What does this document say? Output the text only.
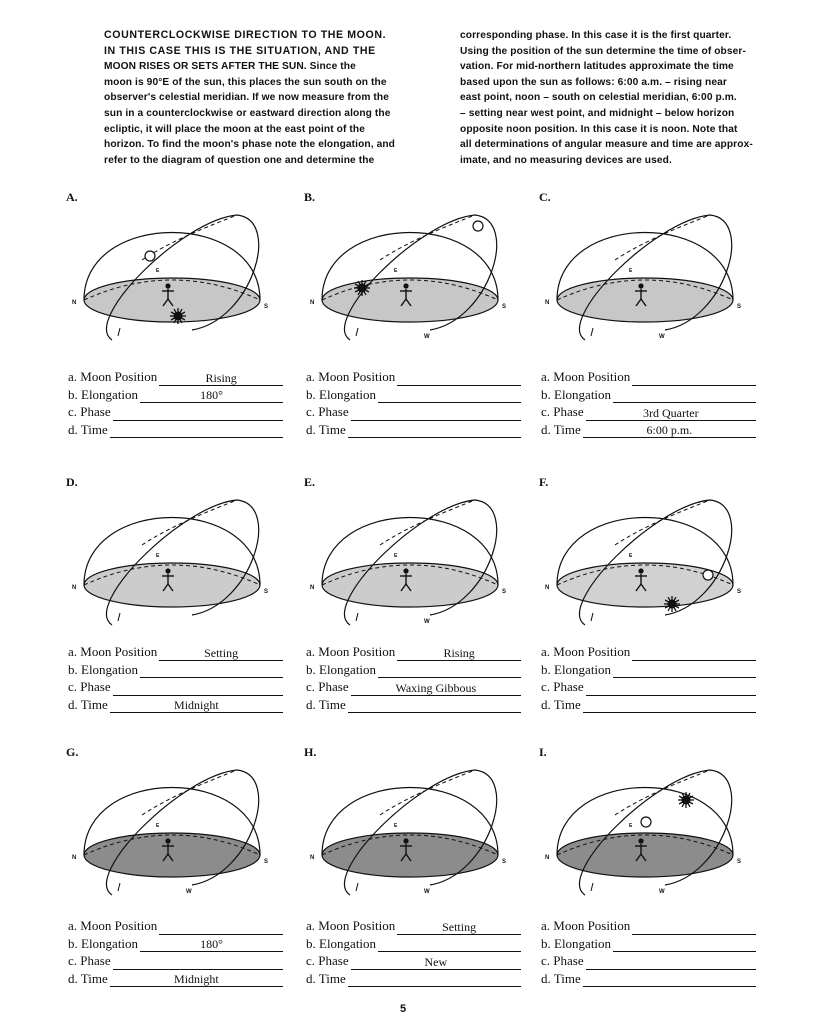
COUNTERCLOCKWISE DIRECTION TO THE MOON.

IN THIS CASE THIS IS THE SITUATION, AND THE

MOON RISES OR SETS AFTER THE SUN. Since the

moon is 90°E of the sun, this places the sun south on the

observer's celestial meridian. If we now measure from the

sun in a counterclockwise or eastward direction along the

ecliptic, it will place the moon at the east point of the

horizon. To find the moon's phase note the elongation, and

refer to the diagram of question one and determine the

corresponding phase. In this case it is the first quarter.

Using the position of the sun determine the time of obser-

vation. For mid-northern latitudes approximate the time

based upon the sun as follows: 6:00 a.m. – rising near

east point, noon – south on celestial meridian, 6:00 p.m.

– setting near west point, and midnight – below horizon

opposite noon position. In this case it is noon. Note that

all determinations of angular measure and time are approx-

imate, and no measuring devices are used.

A.
N
S
E
a. Moon Position	Rising
b. Elongation	180°
c. Phase
d. Time
B.
N
S
E
W
a. Moon Position
b. Elongation
c. Phase
d. Time
C.
N
S
E
W
a. Moon Position
b. Elongation
c. Phase	3rd Quarter
d. Time	6:00 p.m.
D.
N
S
E
a. Moon Position	Setting
b. Elongation
c. Phase
d. Time	Midnight
E.
N
S
E
W
a. Moon Position	Rising
b. Elongation
c. Phase	Waxing Gibbous
d. Time
F.
N
S
E
a. Moon Position
b. Elongation
c. Phase
d. Time
G.
N
S
E
W
a. Moon Position
b. Elongation	180°
c. Phase
d. Time	Midnight
H.
N
S
E
W
a. Moon Position	Setting
b. Elongation
c. Phase	New
d. Time
I.
N
S
E
W
a. Moon Position
b. Elongation
c. Phase
d. Time
5
